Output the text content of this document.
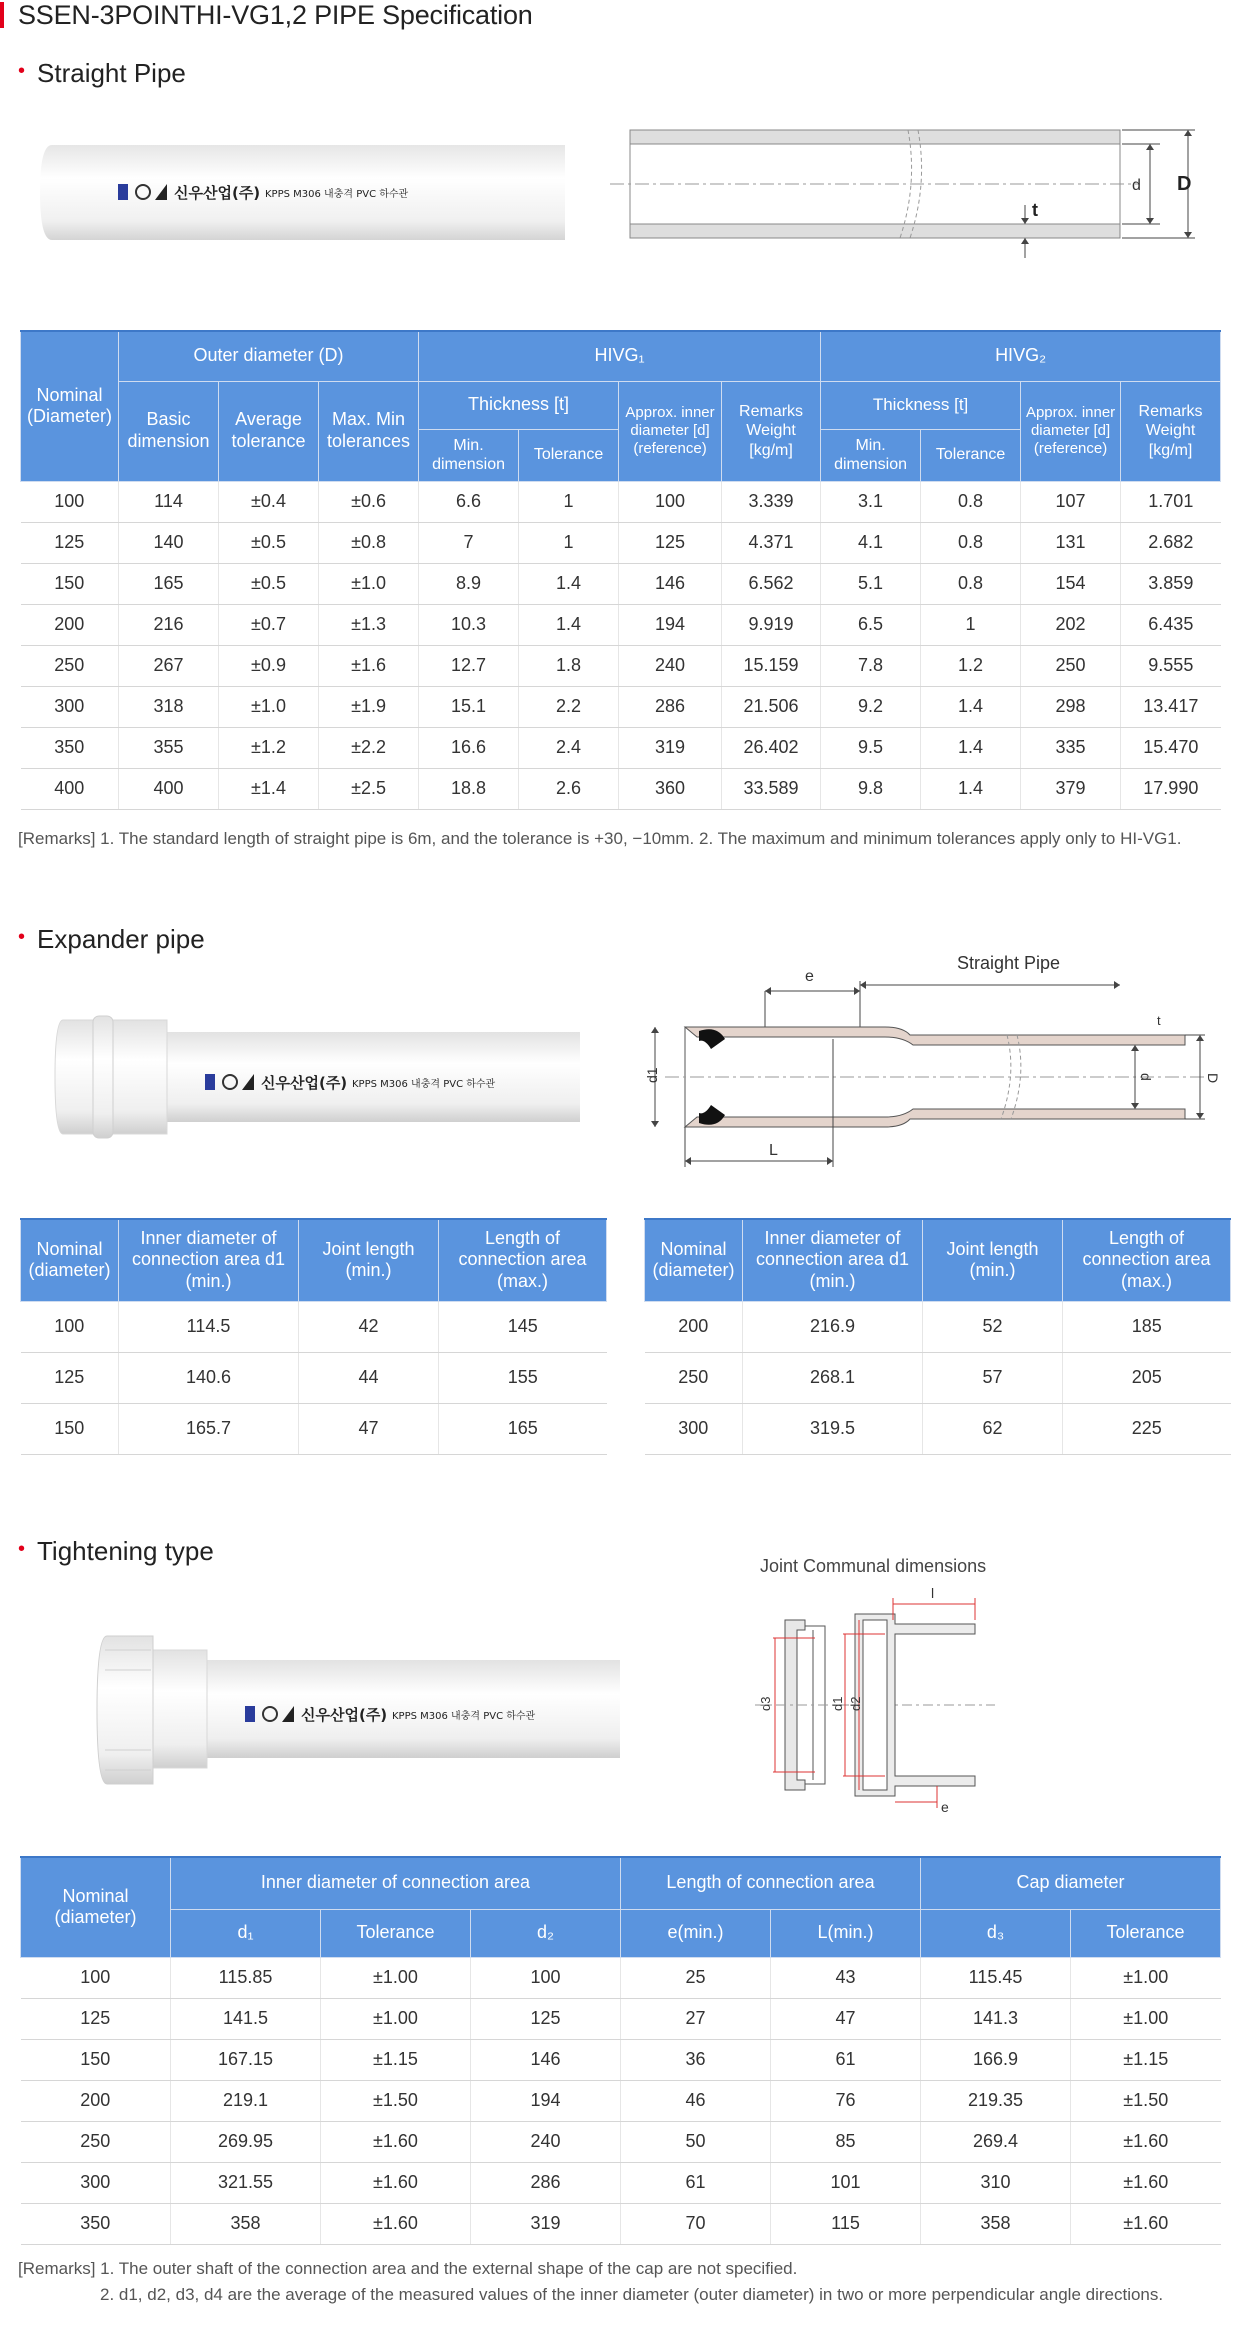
SSEN-3POINTHI-VG1,2 PIPE Specification
• Straight Pipe
신우산업(주) KPPS M306 내충격 PVC 하수관
d D
t
Nominal (Diameter)	Outer diameter (D)			HIVG₁				HIVG₂			
	Basic dimension	Average tolerance	Max. Min tolerances	Thickness [t]		Approx. inner diameter [d] (reference)	Remarks Weight [kg/m]	Thickness [t]		Approx. inner diameter [d] (reference)	Remarks Weight [kg/m]
				Min. dimension	Tolerance			Min. dimension	Tolerance		
100	114	±0.4	±0.6	6.6	1	100	3.339	3.1	0.8	107	1.701
125	140	±0.5	±0.8	7	1	125	4.371	4.1	0.8	131	2.682
150	165	±0.5	±1.0	8.9	1.4	146	6.562	5.1	0.8	154	3.859
200	216	±0.7	±1.3	10.3	1.4	194	9.919	6.5	1	202	6.435
250	267	±0.9	±1.6	12.7	1.8	240	15.159	7.8	1.2	250	9.555
300	318	±1.0	±1.9	15.1	2.2	286	21.506	9.2	1.4	298	13.417
350	355	±1.2	±2.2	16.6	2.4	319	26.402	9.5	1.4	335	15.470
400	400	±1.4	±2.5	18.8	2.6	360	33.589	9.8	1.4	379	17.990
[Remarks] 1. The standard length of straight pipe is 6m, and the tolerance is +30, −10mm. 2. The maximum and minimum tolerances apply only to HI-VG1.
• Expander pipe
신우산업(주) KPPS M306 내충격 PVC 하수관
Straight Pipe
e
d1	d	D
t
L
Nominal (diameter)	Inner diameter of connection area d1 (min.)	Joint length (min.)	Length of connection area (max.)
100	114.5	42	145
125	140.6	44	155
150	165.7	47	165
Nominal (diameter)	Inner diameter of connection area d1 (min.)	Joint length (min.)	Length of connection area (max.)
200	216.9	52	185
250	268.1	57	205
300	319.5	62	225
• Tightening type
신우산업(주) KPPS M306 내충격 PVC 하수관
Joint Communal dimensions
d3	d1 d2
l
e
Nominal (diameter)	Inner diameter of connection area			Length of connection area		Cap diameter	
	d₁	Tolerance	d₂	e(min.)	L(min.)	d₃	Tolerance
100	115.85	±1.00	100	25	43	115.45	±1.00
125	141.5	±1.00	125	27	47	141.3	±1.00
150	167.15	±1.15	146	36	61	166.9	±1.15
200	219.1	±1.50	194	46	76	219.35	±1.50
250	269.95	±1.60	240	50	85	269.4	±1.60
300	321.55	±1.60	286	61	101	310	±1.60
350	358	±1.60	319	70	115	358	±1.60
[Remarks] 1. The outer shaft of the connection area and the external shape of the cap are not specified.
2. d1, d2, d3, d4 are the average of the measured values of the inner diameter (outer diameter) in two or more perpendicular angle directions.
